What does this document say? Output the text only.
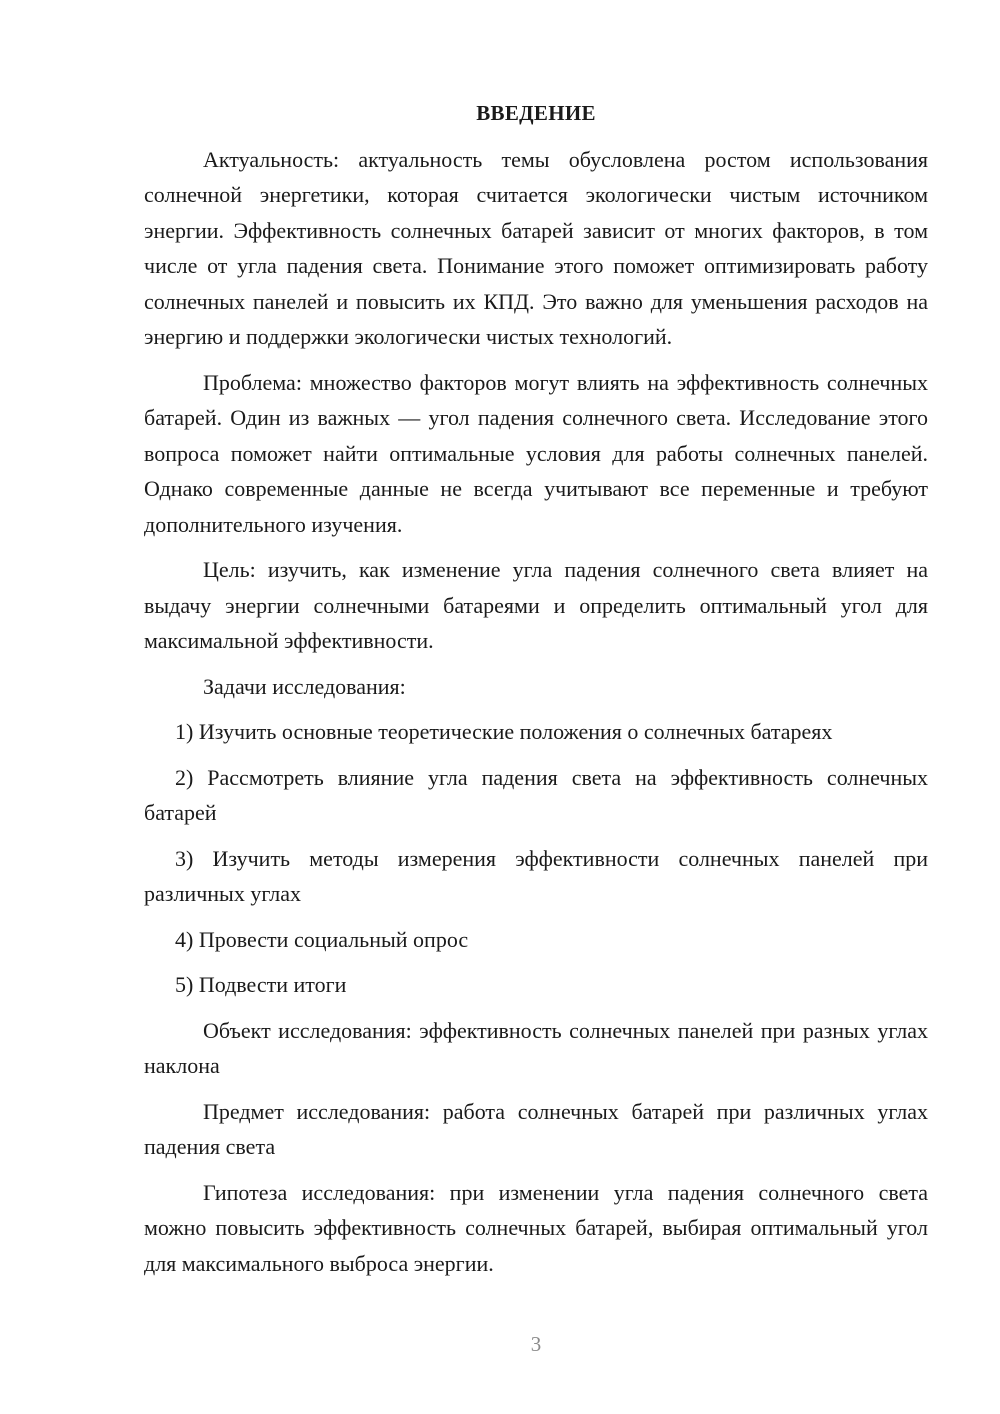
ВВЕДЕНИЕ

Актуальность: актуальность темы обусловлена ростом использования солнечной энергетики, которая считается экологически чистым источником энергии. Эффективность солнечных батарей зависит от многих факторов, в том числе от угла падения света. Понимание этого поможет оптимизировать работу солнечных панелей и повысить их КПД. Это важно для уменьшения расходов на энергию и поддержки экологически чистых технологий.

Проблема: множество факторов могут влиять на эффективность солнечных батарей. Один из важных — угол падения солнечного света. Исследование этого вопроса поможет найти оптимальные условия для работы солнечных панелей. Однако современные данные не всегда учитывают все переменные и требуют дополнительного изучения.

Цель: изучить, как изменение угла падения солнечного света влияет на выдачу энергии солнечными батареями и определить оптимальный угол для максимальной эффективности.

Задачи исследования:

1) Изучить основные теоретические положения о солнечных батареях

2) Рассмотреть влияние угла падения света на эффективность солнечных батарей

3) Изучить методы измерения эффективности солнечных панелей при различных углах

4) Провести социальный опрос

5) Подвести итоги

Объект исследования: эффективность солнечных панелей при разных углах наклона

Предмет исследования: работа солнечных батарей при различных углах падения света

Гипотеза исследования: при изменении угла падения солнечного света можно повысить эффективность солнечных батарей, выбирая оптимальный угол для максимального выброса энергии.

3
